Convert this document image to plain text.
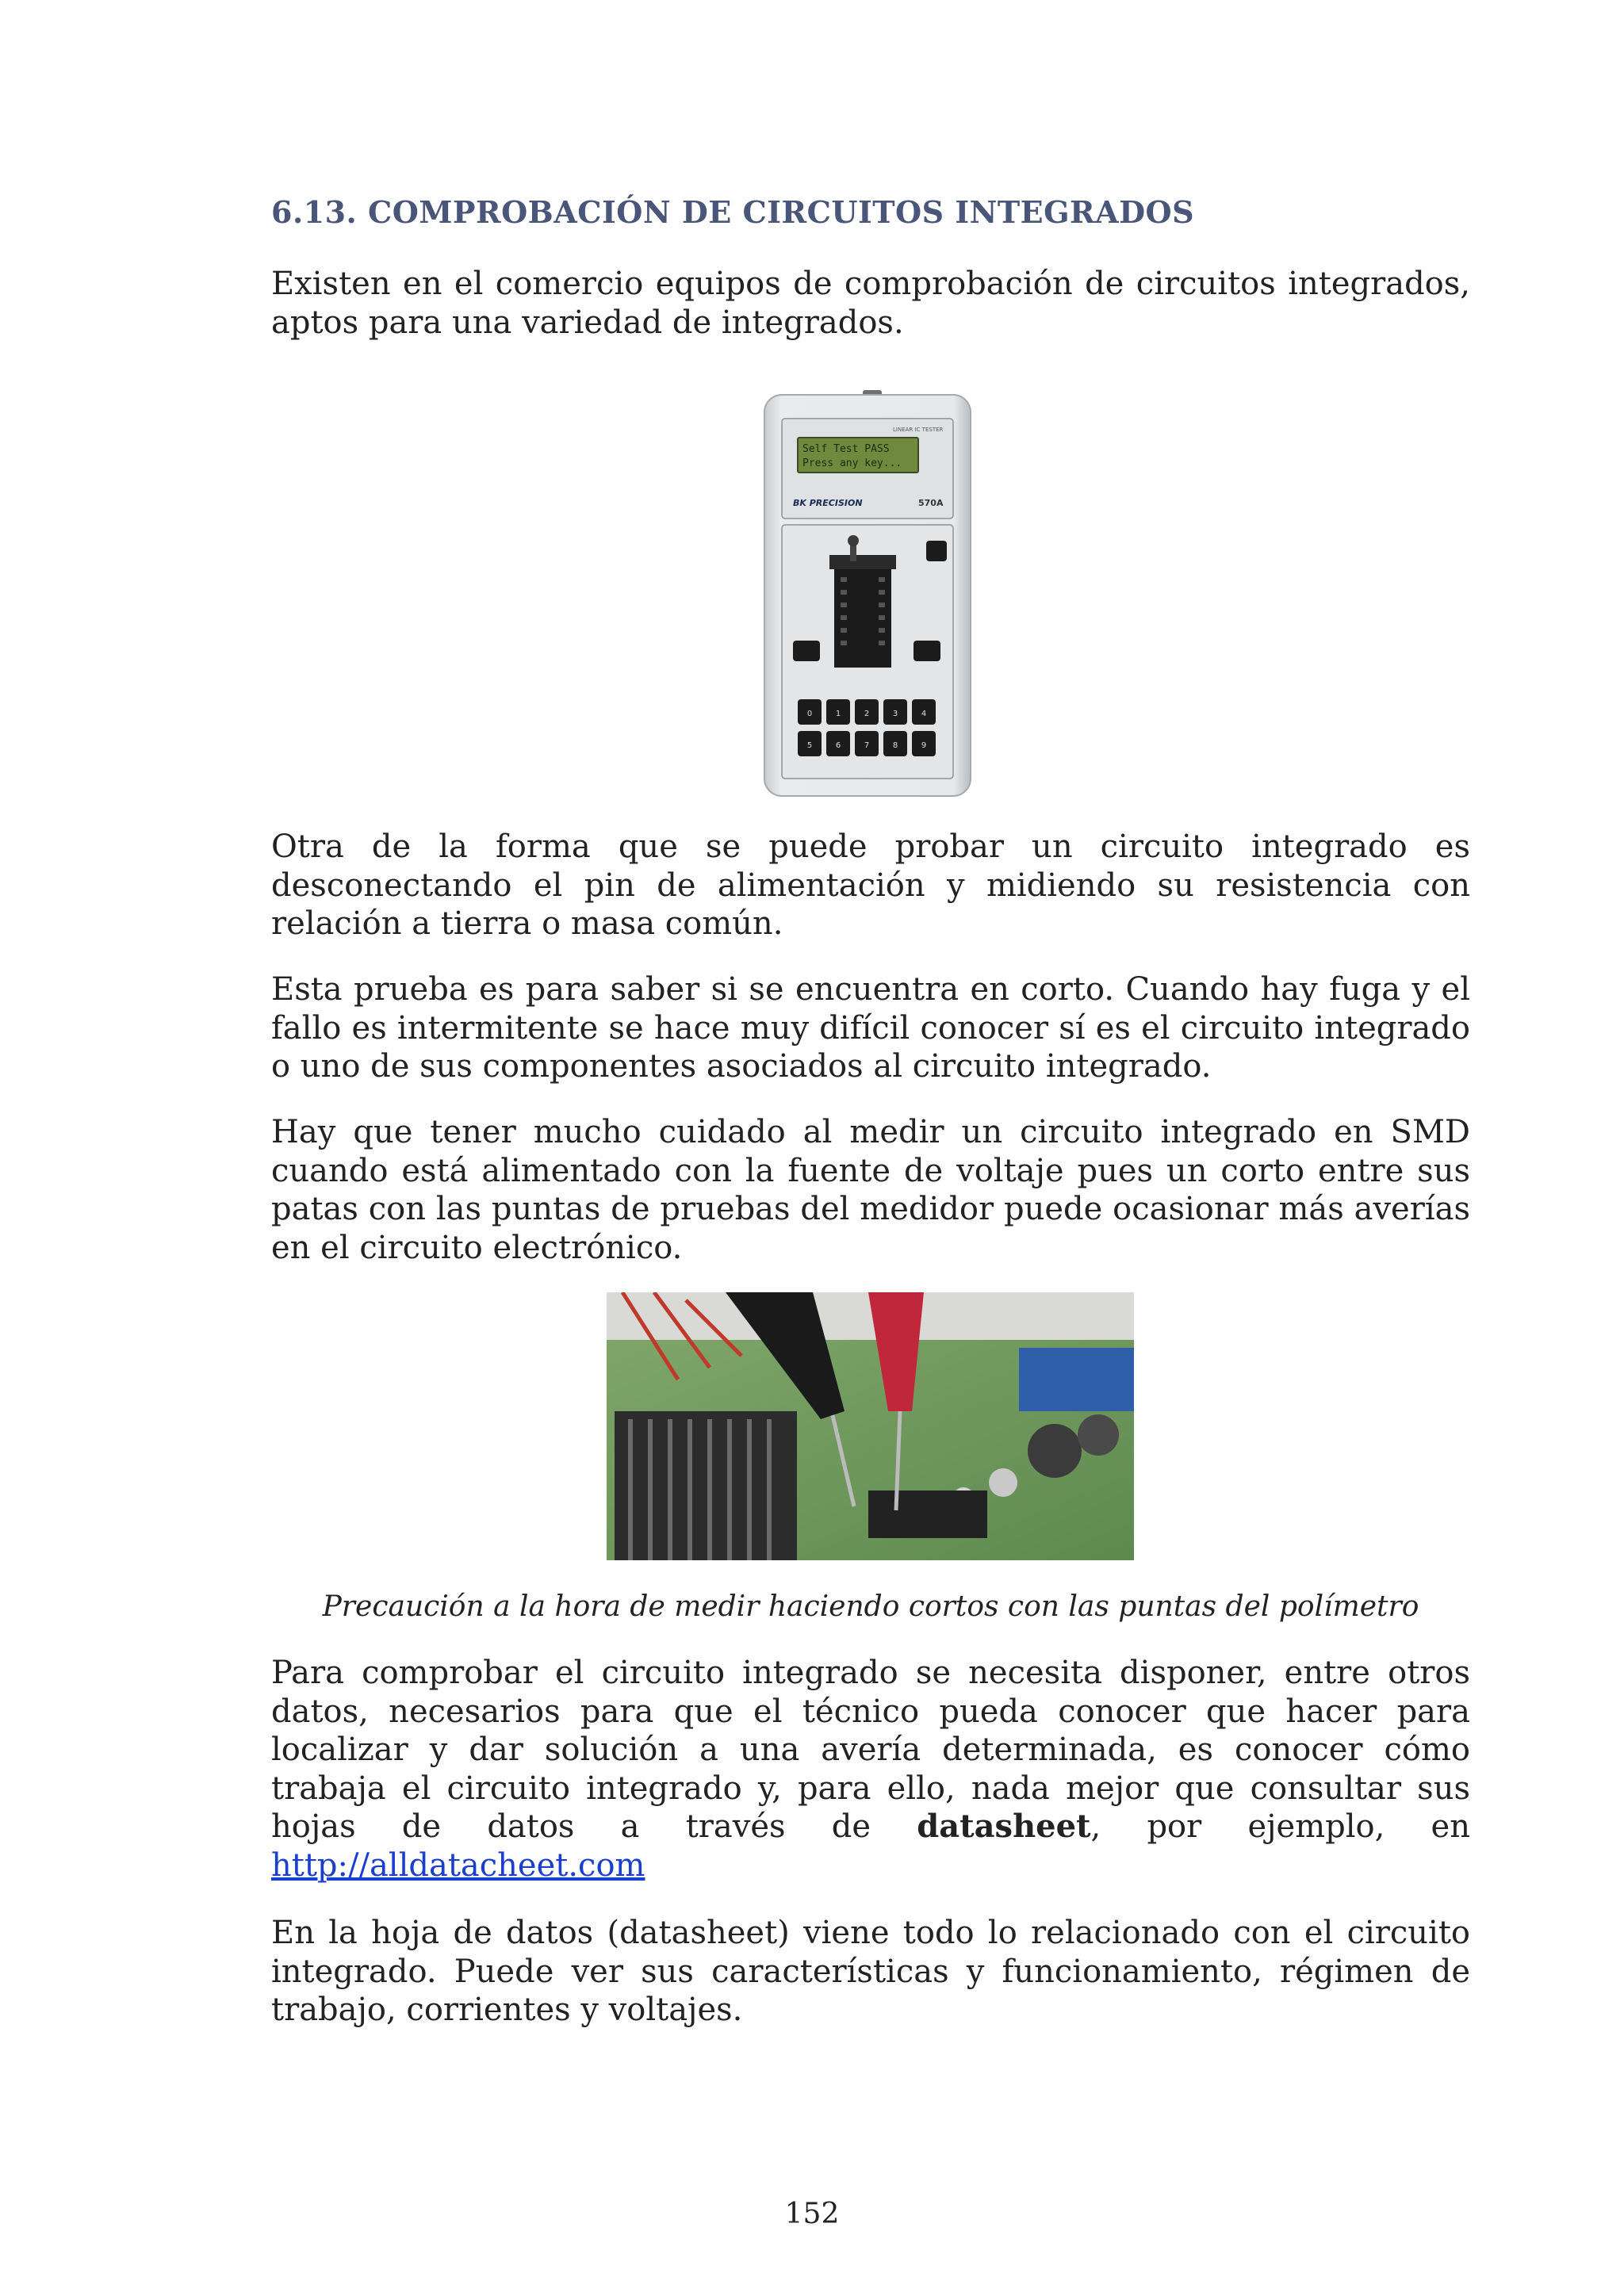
6.13. COMPROBACIÓN DE CIRCUITOS INTEGRADOS

Existen en el comercio equipos de comprobación de circuitos integrados,
aptos para una variedad de integrados.

LINEAR IC TESTER
Self Test PASS
Press any key...
BK PRECISION	570A
0	1	2	3	4
5	6	7	8	9

Otra de la forma que se puede probar un circuito integrado es
desconectando el pin de alimentación y midiendo su resistencia con
relación a tierra o masa común.

Esta prueba es para saber si se encuentra en corto. Cuando hay fuga y el
fallo es intermitente se hace muy difícil conocer sí es el circuito integrado
o uno de sus componentes asociados al circuito integrado.

Hay que tener mucho cuidado al medir un circuito integrado en SMD
cuando está alimentado con la fuente de voltaje pues un corto entre sus
patas con las puntas de pruebas del medidor puede ocasionar más averías
en el circuito electrónico.

Precaución a la hora de medir haciendo cortos con las puntas del polímetro

Para comprobar el circuito integrado se necesita disponer, entre otros
datos, necesarios para que el técnico pueda conocer que hacer para
localizar y dar solución a una avería determinada, es conocer cómo
trabaja el circuito integrado y, para ello, nada mejor que consultar sus
hojas de datos a través de datasheet, por ejemplo, en
http://alldatacheet.com

En la hoja de datos (datasheet) viene todo lo relacionado con el circuito
integrado. Puede ver sus características y funcionamiento, régimen de
trabajo, corrientes y voltajes.

152
